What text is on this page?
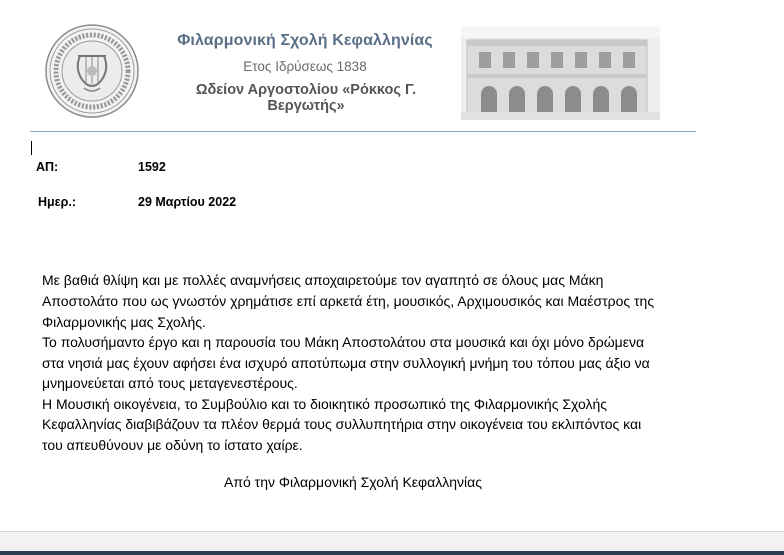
Φιλαρμονική Σχολή Κεφαλληνίας
Ετος Ιδρύσεως 1838
Ωδείον Αργοστολίου «Ρόκκος Γ. Βεργωτής»
ΑΠ:	1592
Ημερ.:	29 Μαρτίου 2022
Με βαθιά θλίψη και με πολλές αναμνήσεις αποχαιρετούμε τον αγαπητό σε όλους μας Μάκη
Αποστολάτο που ως γνωστόν χρημάτισε επί αρκετά έτη, μουσικός, Αρχιμουσικός και Μαέστρος της
Φιλαρμονικής μας Σχολής.
Το πολυσήμαντο έργο και η παρουσία του Μάκη Αποστολάτου στα μουσικά και όχι μόνο δρώμενα
στα νησιά μας έχουν αφήσει ένα ισχυρό αποτύπωμα στην συλλογική μνήμη του τόπου μας άξιο να
μνημονεύεται από τους μεταγενεστέρους.
Η Μουσική οικογένεια, το Συμβούλιο και το διοικητικό προσωπικό της Φιλαρμονικής Σχολής
Κεφαλληνίας διαβιβάζουν τα πλέον θερμά τους συλλυπητήρια στην οικογένεια του εκλιπόντος και
του απευθύνουν με οδύνη το ίστατο χαίρε.
Από την Φιλαρμονική Σχολή Κεφαλληνίας
